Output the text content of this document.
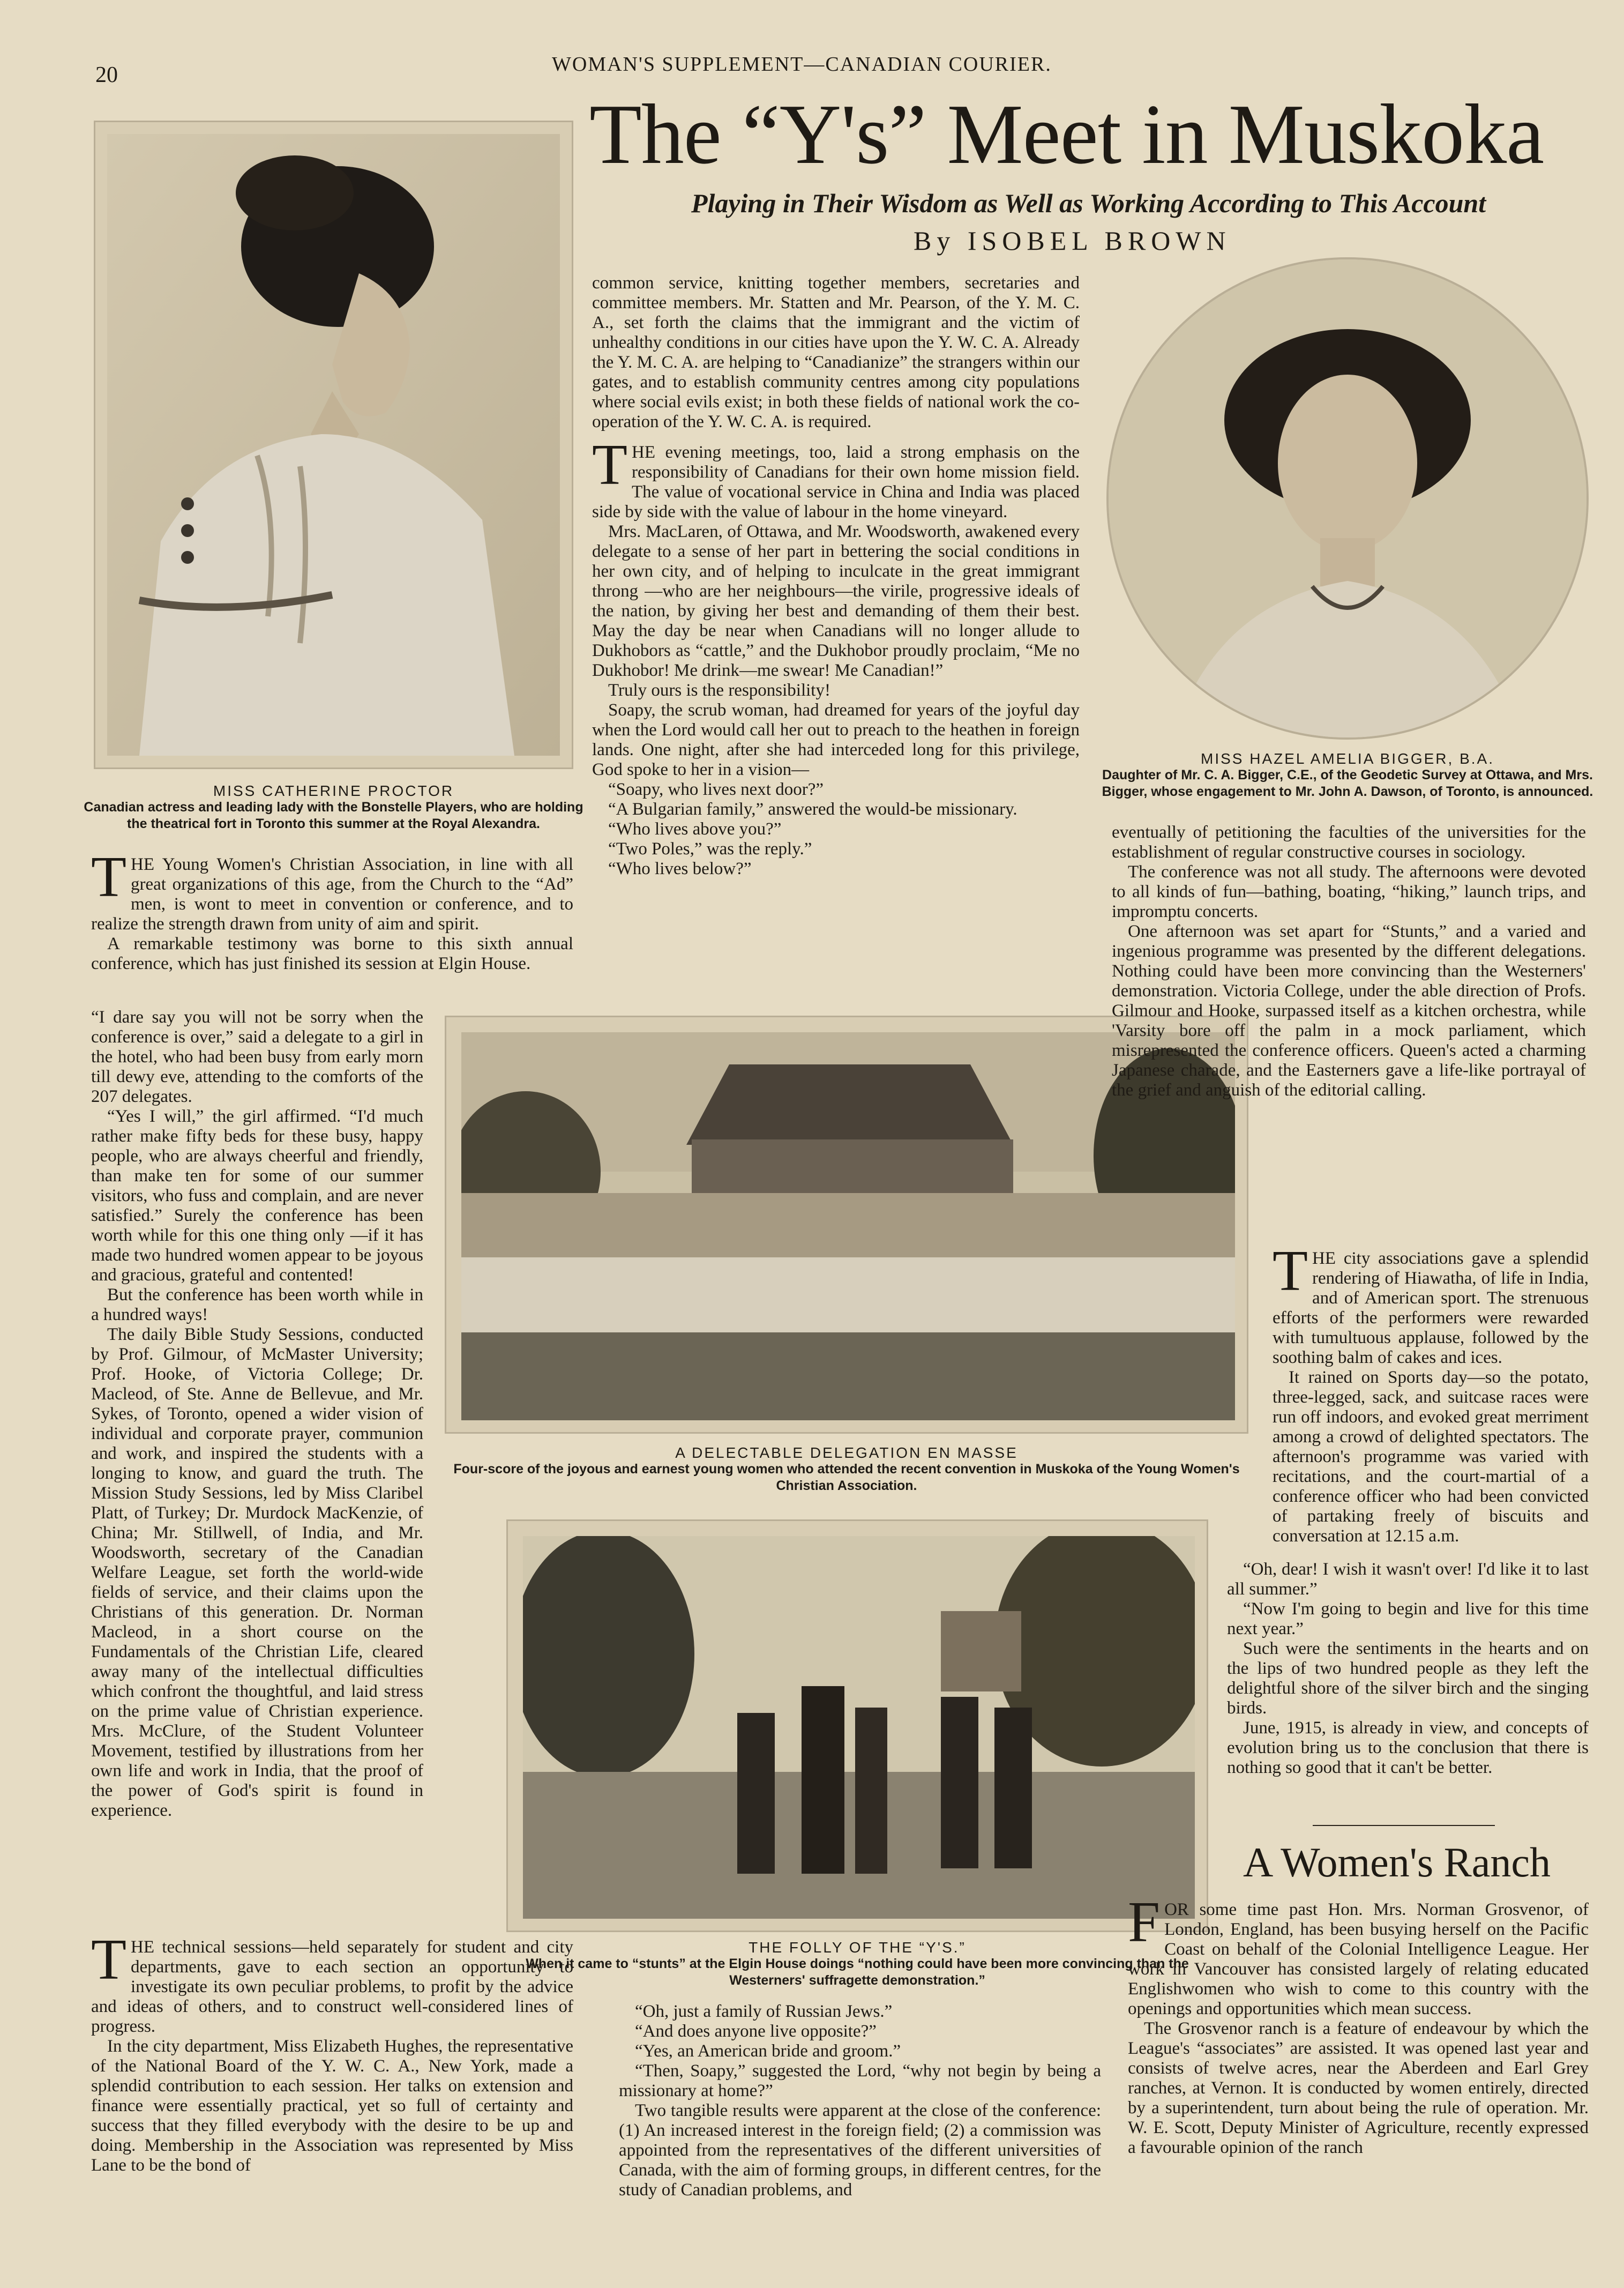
20	WOMAN'S SUPPLEMENT—CANADIAN COURIER.
The “Y's” Meet in Muskoka
Playing in Their Wisdom as Well as Working According to This Account
By ISOBEL BROWN
MISS CATHERINE PROCTOR
Canadian actress and leading lady with the Bonstelle Players, who are holding the theatrical fort in Toronto this summer at the Royal Alexandra.
MISS HAZEL AMELIA BIGGER, B.A.
Daughter of Mr. C. A. Bigger, C.E., of the Geodetic Survey at Ottawa, and Mrs. Bigger, whose engagement to Mr. John A. Dawson, of Toronto, is announced.
A DELECTABLE DELEGATION EN MASSE
Four-score of the joyous and earnest young women who attended the recent convention in Muskoka of the Young Women's Christian Association.
THE FOLLY OF THE “Y'S.”
When it came to “stunts” at the Elgin House doings “nothing could have been more convincing than the Westerners' suffragette demonstration.”

THE Young Women's Christian Association, in line with all great organizations of this age, from the Church to the “Ad” men, is wont to meet in convention or conference, and to realize the strength drawn from unity of aim and spirit.

A remarkable testimony was borne to this sixth annual conference, which has just finished its session at Elgin House.

“I dare say you will not be sorry when the conference is over,” said a delegate to a girl in the hotel, who had been busy from early morn till dewy eve, attending to the comforts of the 207 delegates.

“Yes I will,” the girl affirmed. “I'd much rather make fifty beds for these busy, happy people, who are always cheerful and friendly, than make ten for some of our summer visitors, who fuss and complain, and are never satisfied.” Surely the conference has been worth while for this one thing only —if it has made two hundred women appear to be joyous and gracious, grateful and contented!

But the conference has been worth while in a hundred ways!

The daily Bible Study Sessions, conducted by Prof. Gilmour, of McMaster University; Prof. Hooke, of Victoria College; Dr. Macleod, of Ste. Anne de Bellevue, and Mr. Sykes, of Toronto, opened a wider vision of individual and corporate prayer, communion and work, and inspired the students with a longing to know, and guard the truth. The Mission Study Sessions, led by Miss Claribel Platt, of Turkey; Dr. Murdock MacKenzie, of China; Mr. Stillwell, of India, and Mr. Woodsworth, secretary of the Canadian Welfare League, set forth the world-wide fields of service, and their claims upon the Christians of this generation. Dr. Norman Macleod, in a short course on the Fundamentals of the Christian Life, cleared away many of the intellectual difficulties which confront the thoughtful, and laid stress on the prime value of Christian experience. Mrs. McClure, of the Student Volunteer Movement, testified by illustrations from her own life and work in India, that the proof of the power of God's spirit is found in experience.

THE technical sessions—held separately for student and city departments, gave to each section an opportunity to investigate its own peculiar problems, to profit by the advice and ideas of others, and to construct well-considered lines of progress.

In the city department, Miss Elizabeth Hughes, the representative of the National Board of the Y. W. C. A., New York, made a splendid contribution to each session. Her talks on extension and finance were essentially practical, yet so full of certainty and success that they filled everybody with the desire to be up and doing. Membership in the Association was represented by Miss Lane to be the bond of

common service, knitting together members, secretaries and committee members. Mr. Statten and Mr. Pearson, of the Y. M. C. A., set forth the claims that the immigrant and the victim of unhealthy conditions in our cities have upon the Y. W. C. A. Already the Y. M. C. A. are helping to “Canadianize” the strangers within our gates, and to establish community centres among city populations where social evils exist; in both these fields of national work the co-operation of the Y. W. C. A. is required.

THE evening meetings, too, laid a strong emphasis on the responsibility of Canadians for their own home mission field. The value of vocational service in China and India was placed side by side with the value of labour in the home vineyard.

Mrs. MacLaren, of Ottawa, and Mr. Woodsworth, awakened every delegate to a sense of her part in bettering the social conditions in her own city, and of helping to inculcate in the great immigrant throng —who are her neighbours—the virile, progressive ideals of the nation, by giving her best and demanding of them their best. May the day be near when Canadians will no longer allude to Dukhobors as “cattle,” and the Dukhobor proudly proclaim, “Me no Dukhobor! Me drink—me swear! Me Canadian!”

Truly ours is the responsibility!

Soapy, the scrub woman, had dreamed for years of the joyful day when the Lord would call her out to preach to the heathen in foreign lands. One night, after she had interceded long for this privilege, God spoke to her in a vision—

“Soapy, who lives next door?”

“A Bulgarian family,” answered the would-be missionary.

“Who lives above you?”

“Two Poles,” was the reply.”

“Who lives below?”

“Oh, just a family of Russian Jews.”

“And does anyone live opposite?”

“Yes, an American bride and groom.”

“Then, Soapy,” suggested the Lord, “why not begin by being a missionary at home?”

Two tangible results were apparent at the close of the conference: (1) An increased interest in the foreign field; (2) a commission was appointed from the representatives of the different universities of Canada, with the aim of forming groups, in different centres, for the study of Canadian problems, and

eventually of petitioning the faculties of the universities for the establishment of regular constructive courses in sociology.

The conference was not all study. The afternoons were devoted to all kinds of fun—bathing, boating, “hiking,” launch trips, and impromptu concerts.

One afternoon was set apart for “Stunts,” and a varied and ingenious programme was presented by the different delegations. Nothing could have been more convincing than the Westerners' demonstration. Victoria College, under the able direction of Profs. Gilmour and Hooke, surpassed itself as a kitchen orchestra, while 'Varsity bore off the palm in a mock parliament, which misrepresented the conference officers. Queen's acted a charming Japanese charade, and the Easterners gave a life-like portrayal of the grief and anguish of the editorial calling.

THE city associations gave a splendid rendering of Hiawatha, of life in India, and of American sport. The strenuous efforts of the performers were rewarded with tumultuous applause, followed by the soothing balm of cakes and ices.

It rained on Sports day—so the potato, three-legged, sack, and suitcase races were run off indoors, and evoked great merriment among a crowd of delighted spectators. The afternoon's programme was varied with recitations, and the court-martial of a conference officer who had been convicted of partaking freely of biscuits and conversation at 12.15 a.m.

“Oh, dear! I wish it wasn't over! I'd like it to last all summer.”

“Now I'm going to begin and live for this time next year.”

Such were the sentiments in the hearts and on the lips of two hundred people as they left the delightful shore of the silver birch and the singing birds.

June, 1915, is already in view, and concepts of evolution bring us to the conclusion that there is nothing so good that it can't be better.

A Women's Ranch

FOR some time past Hon. Mrs. Norman Grosvenor, of London, England, has been busying herself on the Pacific Coast on behalf of the Colonial Intelligence League. Her work in Vancouver has consisted largely of relating educated Englishwomen who wish to come to this country with the openings and opportunities which mean success.

The Grosvenor ranch is a feature of endeavour by which the League's “associates” are assisted. It was opened last year and consists of twelve acres, near the Aberdeen and Earl Grey ranches, at Vernon. It is conducted by women entirely, directed by a superintendent, turn about being the rule of operation. Mr. W. E. Scott, Deputy Minister of Agriculture, recently expressed a favourable opinion of the ranch
